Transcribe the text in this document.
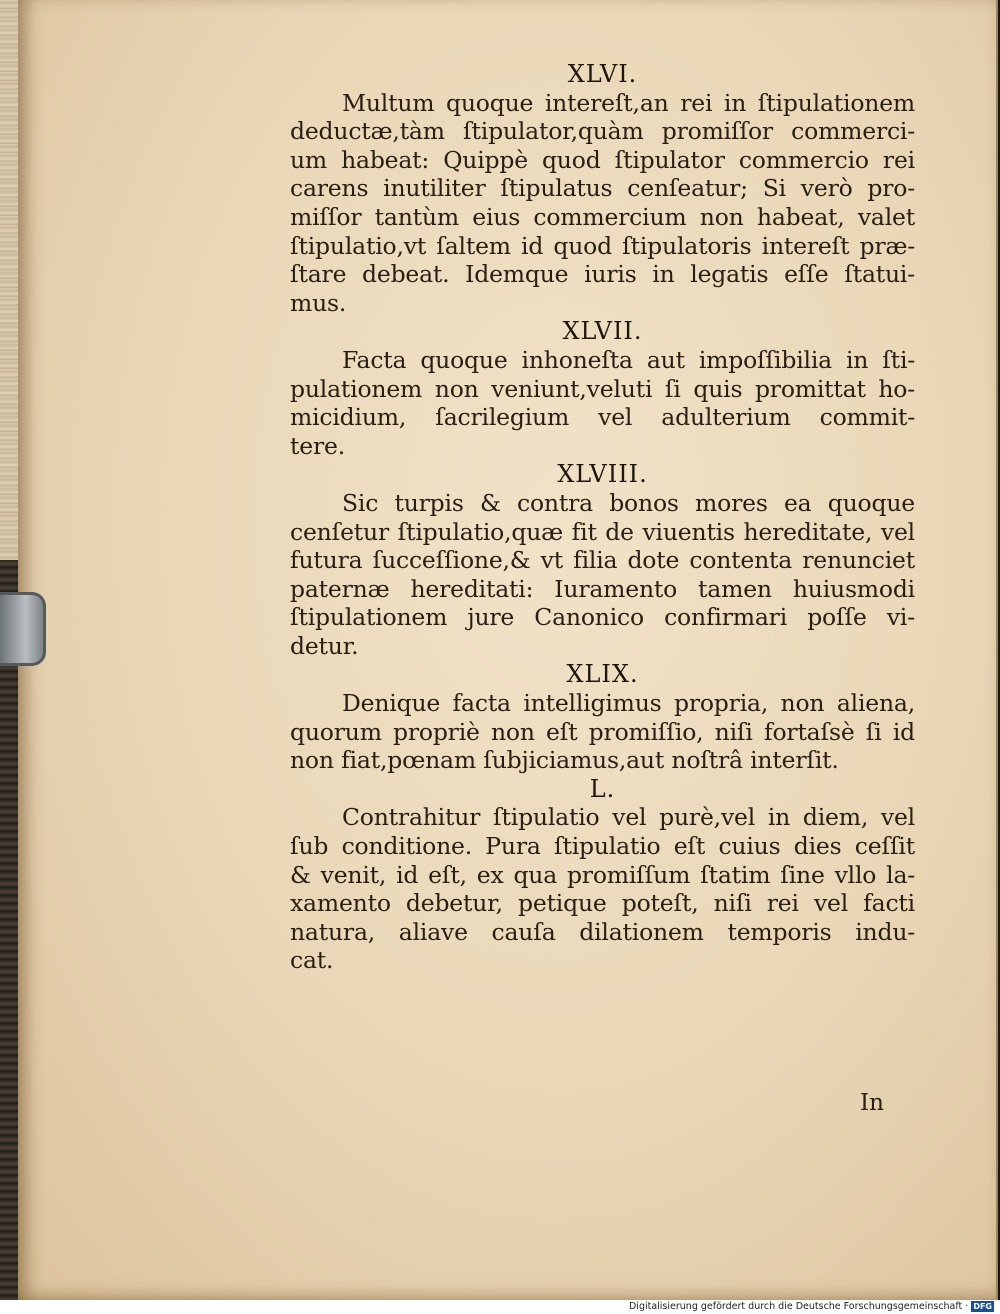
XLVI.
Multum quoque intereſt,an rei in ſtipulationem
deductæ,tàm ſtipulator,quàm promiſſor commerci-
um habeat: Quippè quod ſtipulator commercio rei
carens inutiliter ſtipulatus cenſeatur; Si verò pro-
miſſor tantùm eius commercium non habeat, valet
ſtipulatio,vt ſaltem id quod ſtipulatoris intereſt præ-
ſtare debeat. Idemque iuris in legatis eſſe ſtatui-
mus.
XLVII.
Facta quoque inhoneſta aut impoſſibilia in ſti-
pulationem non veniunt,veluti ſi quis promittat ho-
micidium, ſacrilegium vel adulterium commit-
tere.
XLVIII.
Sic turpis & contra bonos mores ea quoque
cenſetur ſtipulatio,quæ fit de viuentis hereditate, vel
futura ſucceſſione,& vt filia dote contenta renunciet
paternæ hereditati: Iuramento tamen huiusmodi
ſtipulationem jure Canonico confirmari poſſe vi-
detur.
XLIX.
Denique facta intelligimus propria, non aliena,
quorum propriè non eſt promiſſio, niſi fortaſsè ſi id
non fiat,pœnam ſubjiciamus,aut noſtrâ interſit.
L.
Contrahitur ſtipulatio vel purè,vel in diem, vel
ſub conditione. Pura ſtipulatio eſt cuius dies ceſſit
& venit, id eſt, ex qua promiſſum ſtatim ſine vllo la-
xamento debetur, petique poteſt, niſi rei vel facti
natura, aliave cauſa dilationem temporis indu-
cat.
In
Digitalisierung gefördert durch die Deutsche Forschungsgemeinschaft · DFG
